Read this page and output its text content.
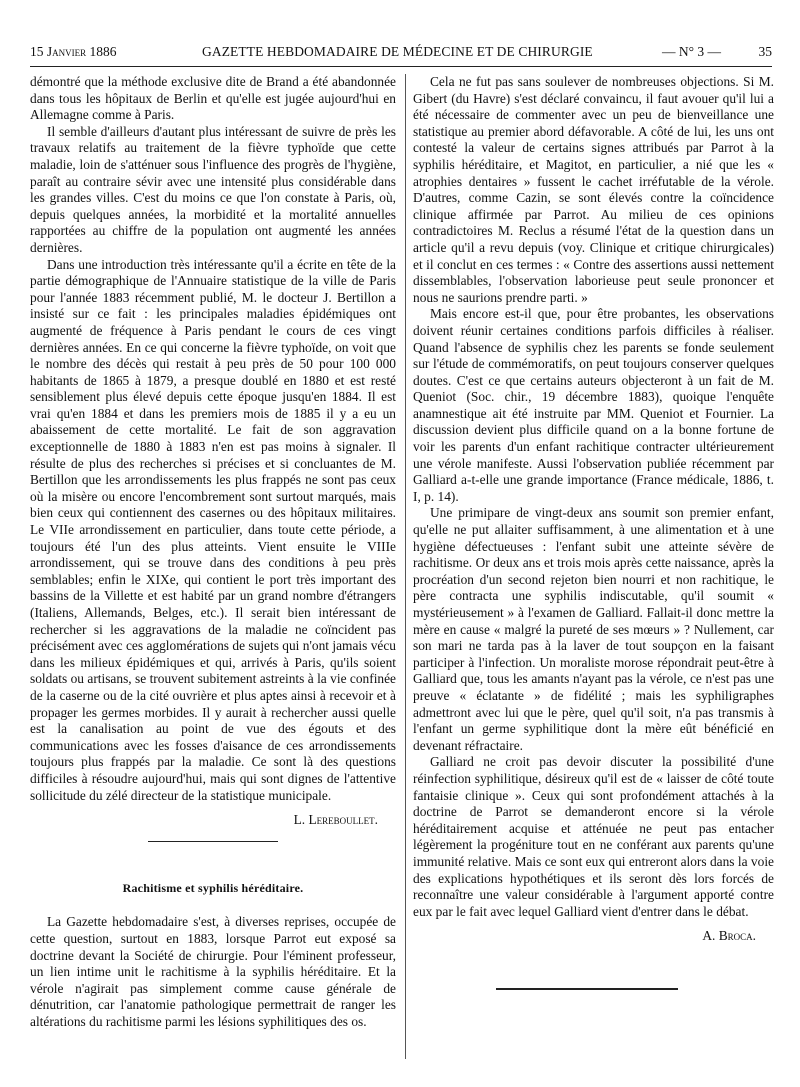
15 Janvier 1886	GAZETTE HEBDOMADAIRE DE MÉDECINE ET DE CHIRURGIE	— N° 3 —	35

démontré que la méthode exclusive dite de Brand a été abandonnée dans tous les hôpitaux de Berlin et qu'elle est jugée aujourd'hui en Allemagne comme à Paris.

Il semble d'ailleurs d'autant plus intéressant de suivre de près les travaux relatifs au traitement de la fièvre typhoïde que cette maladie, loin de s'atténuer sous l'influence des progrès de l'hygiène, paraît au contraire sévir avec une intensité plus considérable dans les grandes villes. C'est du moins ce que l'on constate à Paris, où, depuis quelques années, la morbidité et la mortalité annuelles rapportées au chiffre de la population ont augmenté les années dernières.

Dans une introduction très intéressante qu'il a écrite en tête de la partie démographique de l'Annuaire statistique de la ville de Paris pour l'année 1883 récemment publié, M. le docteur J. Bertillon a insisté sur ce fait : les principales maladies épidémiques ont augmenté de fréquence à Paris pendant le cours de ces vingt dernières années. En ce qui concerne la fièvre typhoïde, on voit que le nombre des décès qui restait à peu près de 50 pour 100 000 habitants de 1865 à 1879, a presque doublé en 1880 et est resté sensiblement plus élevé depuis cette époque jusqu'en 1884. Il est vrai qu'en 1884 et dans les premiers mois de 1885 il y a eu un abaissement de cette mortalité. Le fait de son aggravation exceptionnelle de 1880 à 1883 n'en est pas moins à signaler. Il résulte de plus des recherches si précises et si concluantes de M. Bertillon que les arrondissements les plus frappés ne sont pas ceux où la misère ou encore l'encombrement sont surtout marqués, mais bien ceux qui contiennent des casernes ou des hôpitaux militaires. Le VIIe arrondissement en particulier, dans toute cette période, a toujours été l'un des plus atteints. Vient ensuite le VIIIe arrondissement, qui se trouve dans des conditions à peu près semblables; enfin le XIXe, qui contient le port très important des bassins de la Villette et est habité par un grand nombre d'étrangers (Italiens, Allemands, Belges, etc.). Il serait bien intéressant de rechercher si les aggravations de la maladie ne coïncident pas précisément avec ces agglomérations de sujets qui n'ont jamais vécu dans les milieux épidémiques et qui, arrivés à Paris, qu'ils soient soldats ou artisans, se trouvent subitement astreints à la vie confinée de la caserne ou de la cité ouvrière et plus aptes ainsi à recevoir et à propager les germes morbides. Il y aurait à rechercher aussi quelle est la canalisation au point de vue des égouts et des communications avec les fosses d'aisance de ces arrondissements toujours plus frappés par la maladie. Ce sont là des questions difficiles à résoudre aujourd'hui, mais qui sont dignes de l'attentive sollicitude du zélé directeur de la statistique municipale.

L. Lereboullet.
Rachitisme et syphilis héréditaire.

La Gazette hebdomadaire s'est, à diverses reprises, occupée de cette question, surtout en 1883, lorsque Parrot eut exposé sa doctrine devant la Société de chirurgie. Pour l'éminent professeur, un lien intime unit le rachitisme à la syphilis héréditaire. Et la vérole n'agirait pas simplement comme cause générale de dénutrition, car l'anatomie pathologique permettrait de ranger les altérations du rachitisme parmi les lésions syphilitiques des os.

Cela ne fut pas sans soulever de nombreuses objections. Si M. Gibert (du Havre) s'est déclaré convaincu, il faut avouer qu'il lui a été nécessaire de commenter avec un peu de bienveillance une statistique au premier abord défavorable. A côté de lui, les uns ont contesté la valeur de certains signes attribués par Parrot à la syphilis héréditaire, et Magitot, en particulier, a nié que les « atrophies dentaires » fussent le cachet irréfutable de la vérole. D'autres, comme Cazin, se sont élevés contre la coïncidence clinique affirmée par Parrot. Au milieu de ces opinions contradictoires M. Reclus a résumé l'état de la question dans un article qu'il a revu depuis (voy. Clinique et critique chirurgicales) et il conclut en ces termes : « Contre des assertions aussi nettement dissemblables, l'observation laborieuse peut seule prononcer et nous ne saurions prendre parti. »

Mais encore est-il que, pour être probantes, les observations doivent réunir certaines conditions parfois difficiles à réaliser. Quand l'absence de syphilis chez les parents se fonde seulement sur l'étude de commémoratifs, on peut toujours conserver quelques doutes. C'est ce que certains auteurs objecteront à un fait de M. Queniot (Soc. chir., 19 décembre 1883), quoique l'enquête anamnestique ait été instruite par MM. Queniot et Fournier. La discussion devient plus difficile quand on a la bonne fortune de voir les parents d'un enfant rachitique contracter ultérieurement une vérole manifeste. Aussi l'observation publiée récemment par Galliard a-t-elle une grande importance (France médicale, 1886, t. I, p. 14).

Une primipare de vingt-deux ans soumit son premier enfant, qu'elle ne put allaiter suffisamment, à une alimentation et à une hygiène défectueuses : l'enfant subit une atteinte sévère de rachitisme. Or deux ans et trois mois après cette naissance, après la procréation d'un second rejeton bien nourri et non rachitique, le père contracta une syphilis indiscutable, qu'il soumit « mystérieusement » à l'examen de Galliard. Fallait-il donc mettre la mère en cause « malgré la pureté de ses mœurs » ? Nullement, car son mari ne tarda pas à la laver de tout soupçon en la faisant participer à l'infection. Un moraliste morose répondrait peut-être à Galliard que, tous les amants n'ayant pas la vérole, ce n'est pas une preuve « éclatante » de fidélité ; mais les syphiligraphes admettront avec lui que le père, quel qu'il soit, n'a pas transmis à l'enfant un germe syphilitique dont la mère eût bénéficié en devenant réfractaire.

Galliard ne croit pas devoir discuter la possibilité d'une réinfection syphilitique, désireux qu'il est de « laisser de côté toute fantaisie clinique ». Ceux qui sont profondément attachés à la doctrine de Parrot se demanderont encore si la vérole héréditairement acquise et atténuée ne peut pas entacher légèrement la progéniture tout en ne conférant aux parents qu'une immunité relative. Mais ce sont eux qui entreront alors dans la voie des explications hypothétiques et ils seront dès lors forcés de reconnaître une valeur considérable à l'argument apporté contre eux par le fait avec lequel Galliard vient d'entrer dans le débat.

A. Broca.
